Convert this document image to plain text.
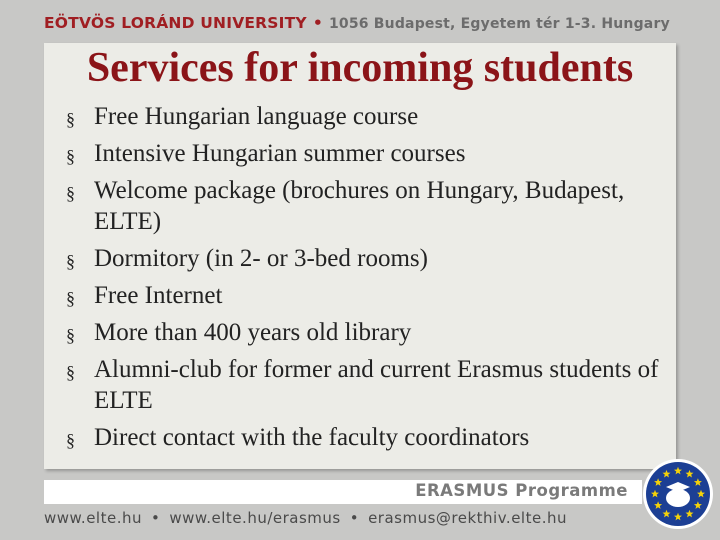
EÖTVÖS LORÁND UNIVERSITY • 1056 Budapest, Egyetem tér 1-3. Hungary
Services for incoming students
§ Free Hungarian language course
§ Intensive Hungarian summer courses
§ Welcome package (brochures on Hungary, Budapest, ELTE)
§ Dormitory (in 2- or 3-bed rooms)
§ Free Internet
§ More than 400 years old library
§ Alumni-club for former and current Erasmus students of ELTE
§ Direct contact with the faculty coordinators
ERASMUS Programme
www.elte.hu • www.elte.hu/erasmus • erasmus@rekthiv.elte.hu
